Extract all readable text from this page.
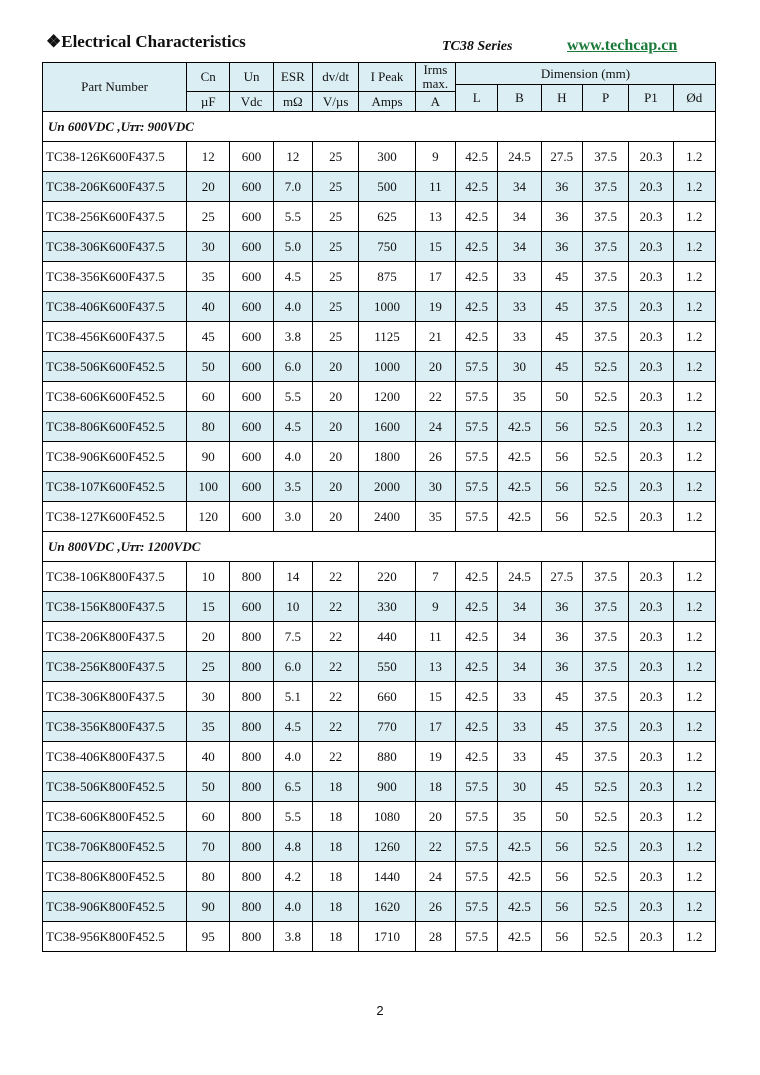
❖Electrical Characteristics	TC38 Series	www.techcap.cn
Part Number	Cn	Un	ESR	dv/dt	I Peak	Irms max.	Dimension (mm)					
							L	B	H	P	P1	Ød
	µF	Vdc	mΩ	V/µs	Amps	A						
Un 600VDC ,Uᴛᴛ: 900VDC												
TC38-126K600F437.5	12	600	12	25	300	9	42.5	24.5	27.5	37.5	20.3	1.2
TC38-206K600F437.5	20	600	7.0	25	500	11	42.5	34	36	37.5	20.3	1.2
TC38-256K600F437.5	25	600	5.5	25	625	13	42.5	34	36	37.5	20.3	1.2
TC38-306K600F437.5	30	600	5.0	25	750	15	42.5	34	36	37.5	20.3	1.2
TC38-356K600F437.5	35	600	4.5	25	875	17	42.5	33	45	37.5	20.3	1.2
TC38-406K600F437.5	40	600	4.0	25	1000	19	42.5	33	45	37.5	20.3	1.2
TC38-456K600F437.5	45	600	3.8	25	1125	21	42.5	33	45	37.5	20.3	1.2
TC38-506K600F452.5	50	600	6.0	20	1000	20	57.5	30	45	52.5	20.3	1.2
TC38-606K600F452.5	60	600	5.5	20	1200	22	57.5	35	50	52.5	20.3	1.2
TC38-806K600F452.5	80	600	4.5	20	1600	24	57.5	42.5	56	52.5	20.3	1.2
TC38-906K600F452.5	90	600	4.0	20	1800	26	57.5	42.5	56	52.5	20.3	1.2
TC38-107K600F452.5	100	600	3.5	20	2000	30	57.5	42.5	56	52.5	20.3	1.2
TC38-127K600F452.5	120	600	3.0	20	2400	35	57.5	42.5	56	52.5	20.3	1.2
Un 800VDC ,Uᴛᴛ: 1200VDC												
TC38-106K800F437.5	10	800	14	22	220	7	42.5	24.5	27.5	37.5	20.3	1.2
TC38-156K800F437.5	15	600	10	22	330	9	42.5	34	36	37.5	20.3	1.2
TC38-206K800F437.5	20	800	7.5	22	440	11	42.5	34	36	37.5	20.3	1.2
TC38-256K800F437.5	25	800	6.0	22	550	13	42.5	34	36	37.5	20.3	1.2
TC38-306K800F437.5	30	800	5.1	22	660	15	42.5	33	45	37.5	20.3	1.2
TC38-356K800F437.5	35	800	4.5	22	770	17	42.5	33	45	37.5	20.3	1.2
TC38-406K800F437.5	40	800	4.0	22	880	19	42.5	33	45	37.5	20.3	1.2
TC38-506K800F452.5	50	800	6.5	18	900	18	57.5	30	45	52.5	20.3	1.2
TC38-606K800F452.5	60	800	5.5	18	1080	20	57.5	35	50	52.5	20.3	1.2
TC38-706K800F452.5	70	800	4.8	18	1260	22	57.5	42.5	56	52.5	20.3	1.2
TC38-806K800F452.5	80	800	4.2	18	1440	24	57.5	42.5	56	52.5	20.3	1.2
TC38-906K800F452.5	90	800	4.0	18	1620	26	57.5	42.5	56	52.5	20.3	1.2
TC38-956K800F452.5	95	800	3.8	18	1710	28	57.5	42.5	56	52.5	20.3	1.2
2
